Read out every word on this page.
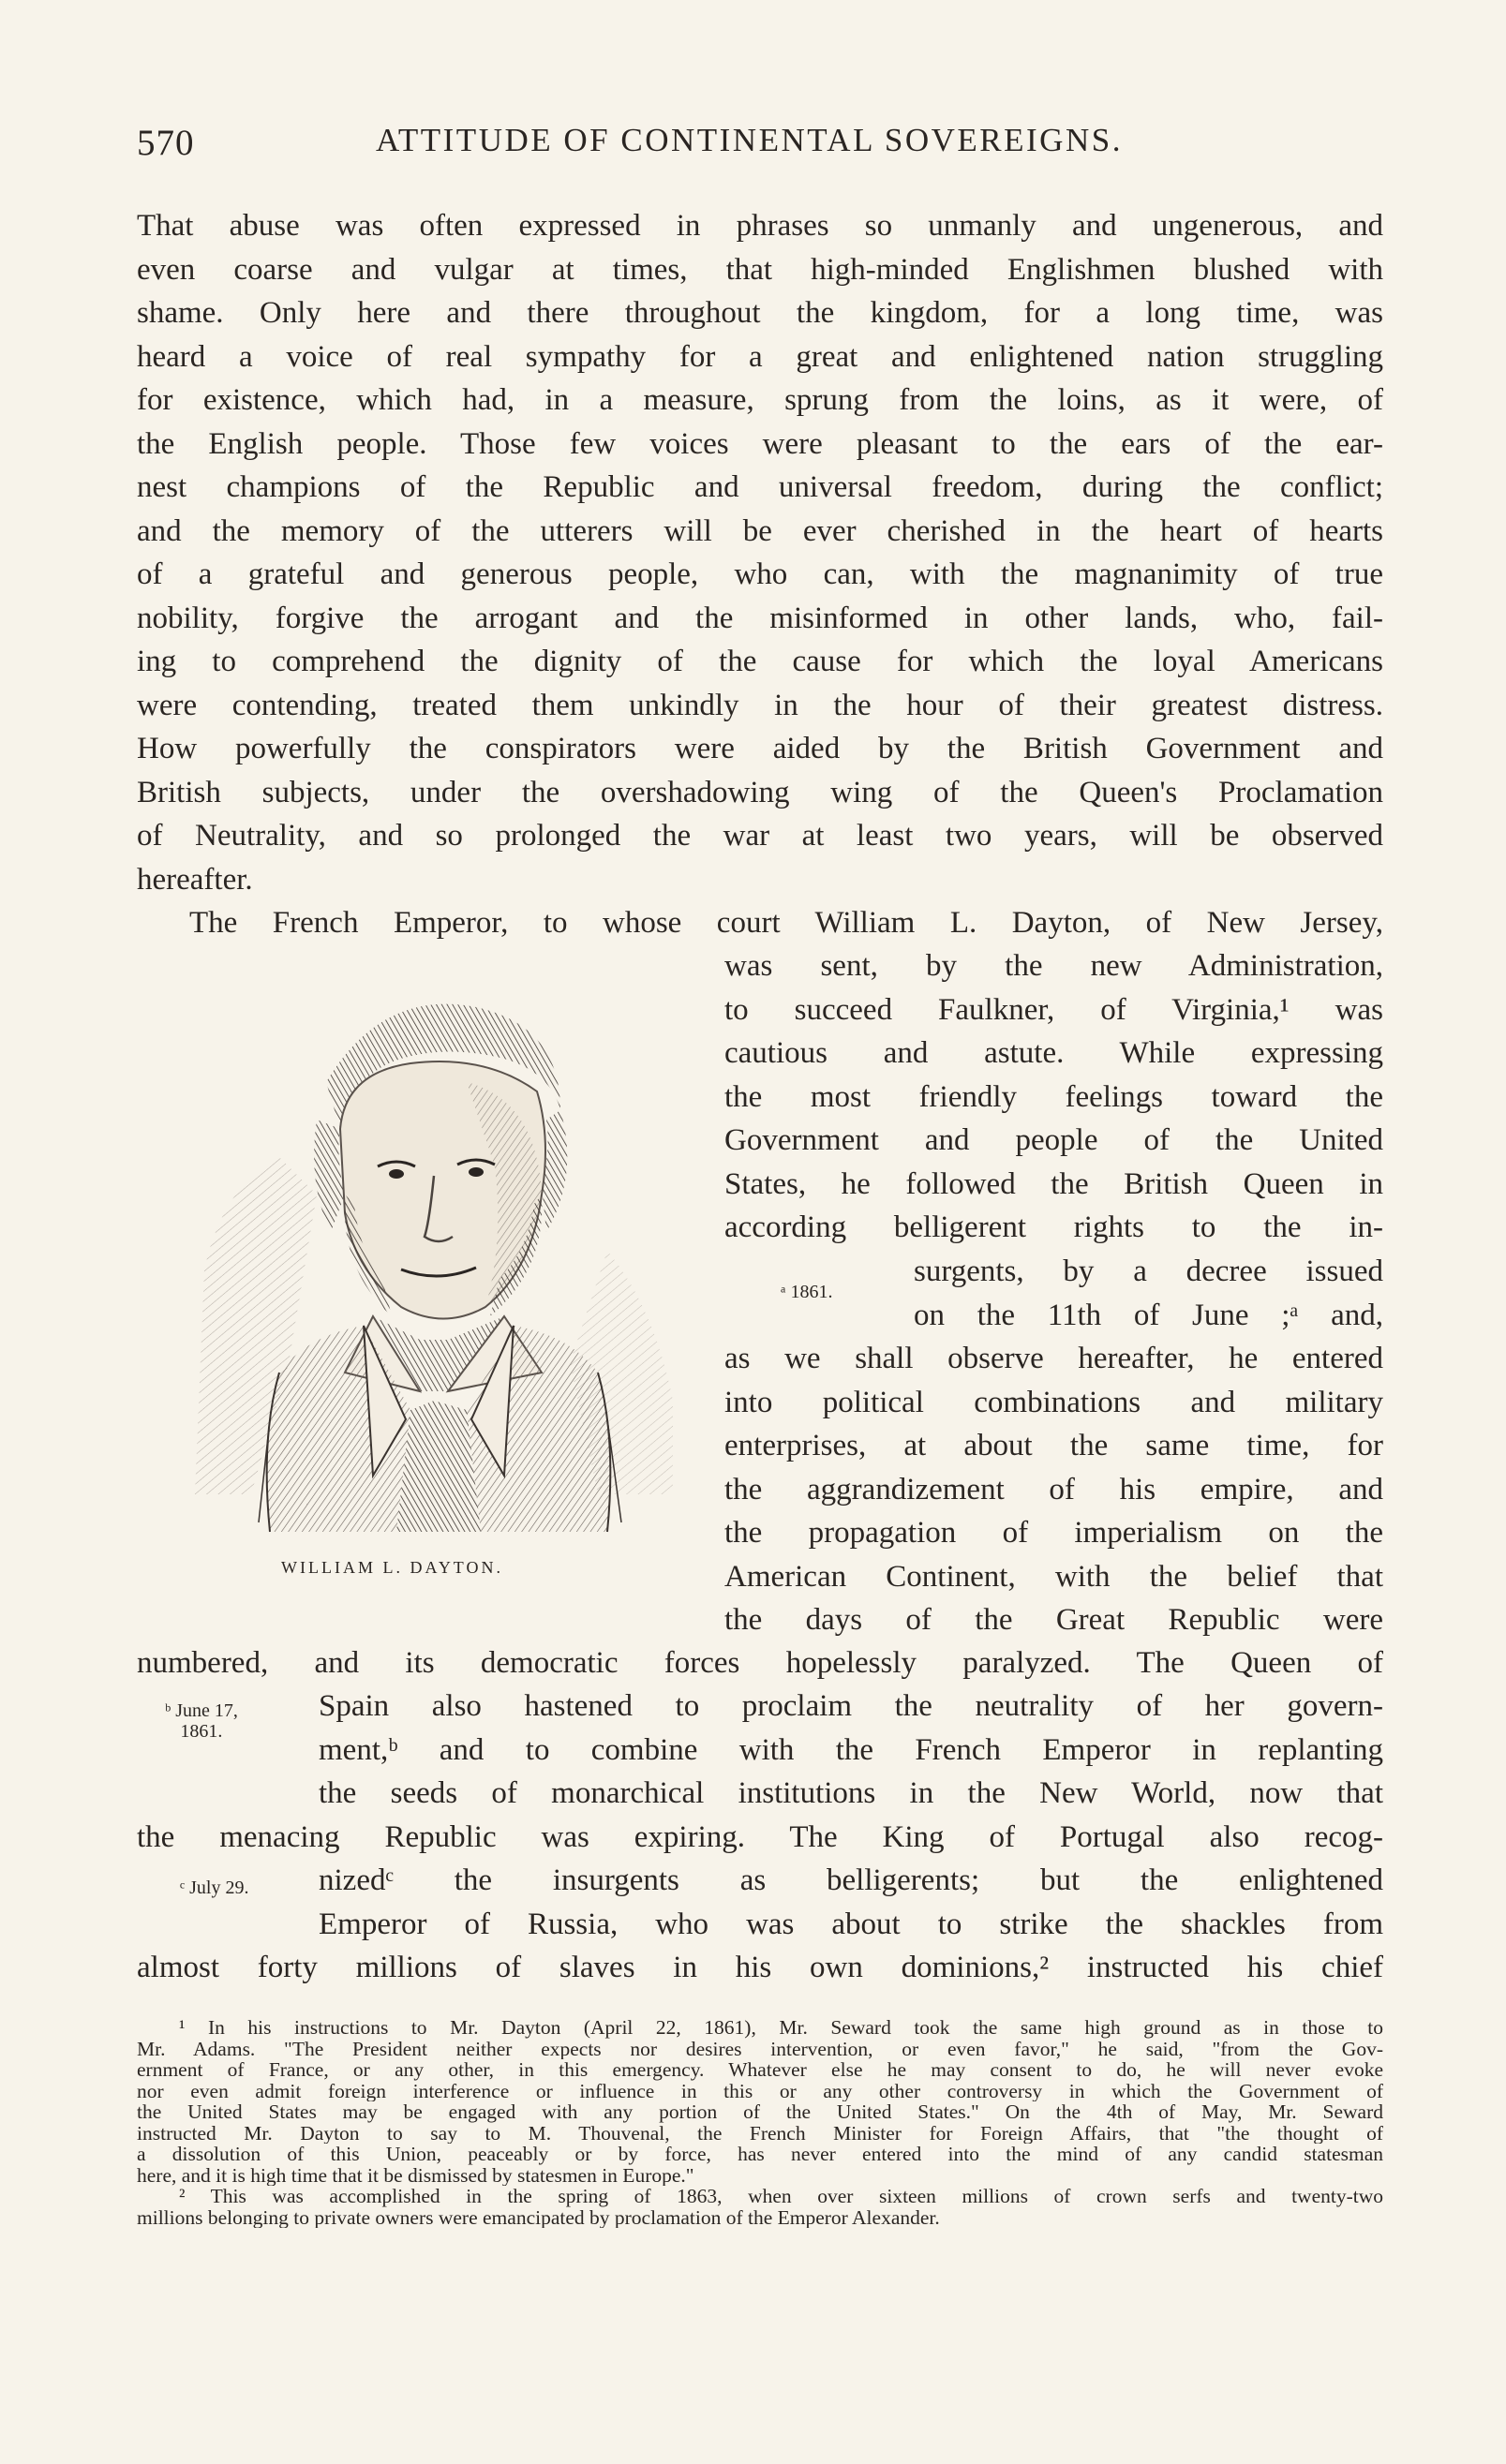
570	ATTITUDE OF CONTINENTAL SOVEREIGNS.
That abuse was often expressed in phrases so unmanly and ungenerous, and
even coarse and vulgar at times, that high-minded Englishmen blushed with
shame. Only here and there throughout the kingdom, for a long time, was
heard a voice of real sympathy for a great and enlightened nation struggling
for existence, which had, in a measure, sprung from the loins, as it were, of
the English people. Those few voices were pleasant to the ears of the ear-
nest champions of the Republic and universal freedom, during the conflict;
and the memory of the utterers will be ever cherished in the heart of hearts
of a grateful and generous people, who can, with the magnanimity of true
nobility, forgive the arrogant and the misinformed in other lands, who, fail-
ing to comprehend the dignity of the cause for which the loyal Americans
were contending, treated them unkindly in the hour of their greatest distress.
How powerfully the conspirators were aided by the British Government and
British subjects, under the overshadowing wing of the Queen's Proclamation
of Neutrality, and so prolonged the war at least two years, will be observed
hereafter.
The French Emperor, to whose court William L. Dayton, of New Jersey,
was sent, by the new Administration,
to succeed Faulkner, of Virginia,¹ was
cautious and astute. While expressing
the most friendly feelings toward the
Government and people of the United
States, he followed the British Queen in
according belligerent rights to the in-
surgents, by a decree issued
on the 11th of June ;ᵃ and,
ᵃ 1861.
as we shall observe hereafter, he entered
into political combinations and military
enterprises, at about the same time, for
the aggrandizement of his empire, and
the propagation of imperialism on the
American Continent, with the belief that
the days of the Great Republic were
WILLIAM L. DAYTON.
numbered, and its democratic forces hopelessly paralyzed. The Queen of
Spain also hastened to proclaim the neutrality of her govern-
ment,ᵇ and to combine with the French Emperor in replanting
the seeds of monarchical institutions in the New World, now that
ᵇ June 17,
1861.
the menacing Republic was expiring. The King of Portugal also recog-
nizedᶜ the insurgents as belligerents; but the enlightened
Emperor of Russia, who was about to strike the shackles from
ᶜ July 29.
almost forty millions of slaves in his own dominions,² instructed his chief
¹ In his instructions to Mr. Dayton (April 22, 1861), Mr. Seward took the same high ground as in those to
Mr. Adams. "The President neither expects nor desires intervention, or even favor," he said, "from the Gov-
ernment of France, or any other, in this emergency. Whatever else he may consent to do, he will never evoke
nor even admit foreign interference or influence in this or any other controversy in which the Government of
the United States may be engaged with any portion of the United States." On the 4th of May, Mr. Seward
instructed Mr. Dayton to say to M. Thouvenal, the French Minister for Foreign Affairs, that "the thought of
a dissolution of this Union, peaceably or by force, has never entered into the mind of any candid statesman
here, and it is high time that it be dismissed by statesmen in Europe."
² This was accomplished in the spring of 1863, when over sixteen millions of crown serfs and twenty-two
millions belonging to private owners were emancipated by proclamation of the Emperor Alexander.
